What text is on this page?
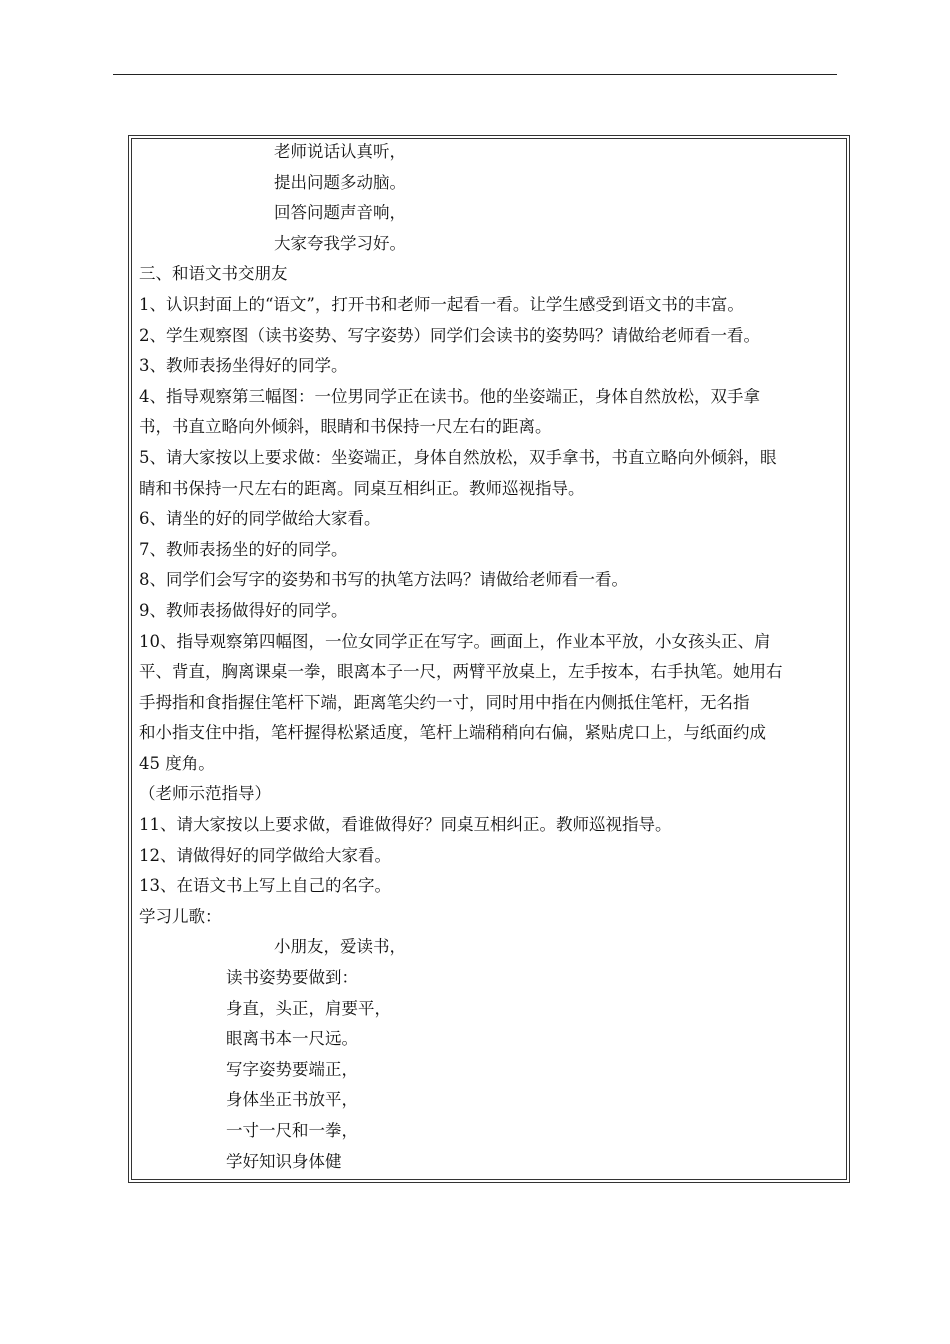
老师说话认真听，
提出问题多动脑。
回答问题声音响，
大家夸我学习好。
三、和语文书交朋友
1、认识封面上的“语文”，打开书和老师一起看一看。让学生感受到语文书的丰富。
2、学生观察图（读书姿势、写字姿势）同学们会读书的姿势吗？请做给老师看一看。
3、教师表扬坐得好的同学。
4、指导观察第三幅图：一位男同学正在读书。他的坐姿端正，身体自然放松，双手拿
书，书直立略向外倾斜，眼睛和书保持一尺左右的距离。
5、请大家按以上要求做：坐姿端正，身体自然放松，双手拿书，书直立略向外倾斜，眼
睛和书保持一尺左右的距离。同桌互相纠正。教师巡视指导。
6、请坐的好的同学做给大家看。
7、教师表扬坐的好的同学。
8、同学们会写字的姿势和书写的执笔方法吗？请做给老师看一看。
9、教师表扬做得好的同学。
10、指导观察第四幅图，一位女同学正在写字。画面上，作业本平放，小女孩头正、肩
平、背直，胸离课桌一拳，眼离本子一尺，两臂平放桌上，左手按本，右手执笔。她用右
手拇指和食指握住笔杆下端，距离笔尖约一寸，同时用中指在内侧抵住笔杆，无名指
和小指支住中指，笔杆握得松紧适度，笔杆上端稍稍向右偏，紧贴虎口上，与纸面约成
45 度角。
（老师示范指导）
11、请大家按以上要求做，看谁做得好？同桌互相纠正。教师巡视指导。
12、请做得好的同学做给大家看。
13、在语文书上写上自己的名字。
学习儿歌：
小朋友，爱读书，
读书姿势要做到：
身直，头正，肩要平，
眼离书本一尺远。
写字姿势要端正，
身体坐正书放平，
一寸一尺和一拳，
学好知识身体健
